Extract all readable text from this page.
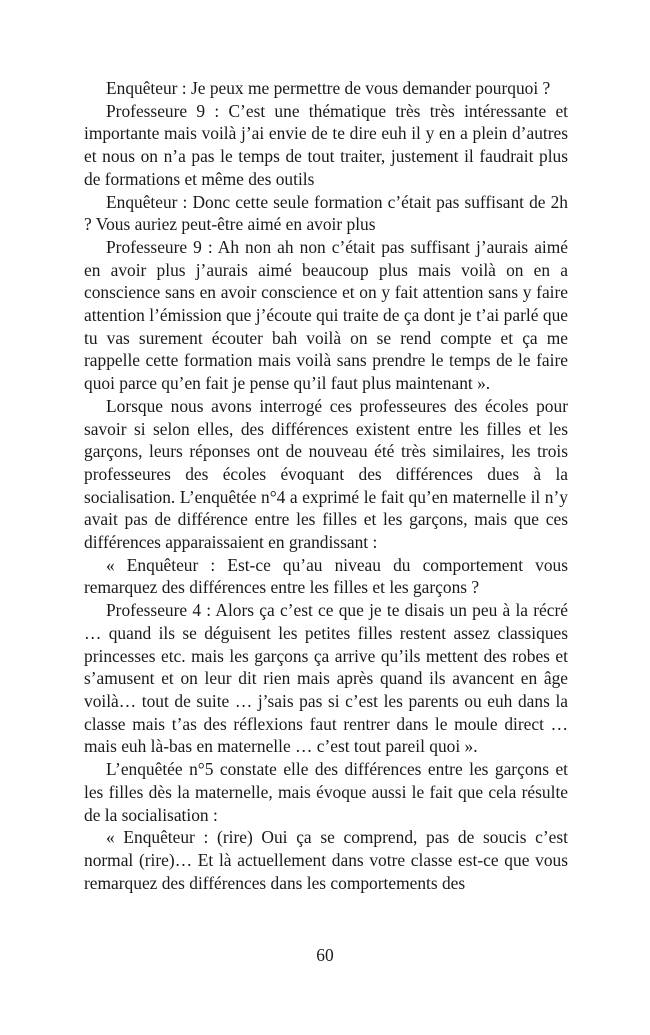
Enquêteur : Je peux me permettre de vous demander pourquoi ?

Professeure 9 : C’est une thématique très très intéressante et importante mais voilà j’ai envie de te dire euh il y en a plein d’autres et nous on n’a pas le temps de tout traiter, justement il faudrait plus de formations et même des outils

Enquêteur : Donc cette seule formation c’était pas suffisant de 2h ? Vous auriez peut-être aimé en avoir plus

Professeure 9 : Ah non ah non c’était pas suffisant j’aurais aimé en avoir plus j’aurais aimé beaucoup plus mais voilà on en a conscience sans en avoir conscience et on y fait attention sans y faire attention l’émission que j’écoute qui traite de ça dont je t’ai parlé que tu vas surement écouter bah voilà on se rend compte et ça me rappelle cette formation mais voilà sans prendre le temps de le faire quoi parce qu’en fait je pense qu’il faut plus maintenant ».

Lorsque nous avons interrogé ces professeures des écoles pour savoir si selon elles, des différences existent entre les filles et les garçons, leurs réponses ont de nouveau été très similaires, les trois professeures des écoles évoquant des différences dues à la socialisation. L’enquêtée n°4 a exprimé le fait qu’en maternelle il n’y avait pas de différence entre les filles et les garçons, mais que ces différences apparaissaient en grandissant :

« Enquêteur : Est-ce qu’au niveau du comportement vous remarquez des différences entre les filles et les garçons ?

Professeure 4 : Alors ça c’est ce que je te disais un peu à la récré … quand ils se déguisent les petites filles restent assez classiques princesses etc. mais les garçons ça arrive qu’ils mettent des robes et s’amusent et on leur dit rien mais après quand ils avancent en âge voilà… tout de suite … j’sais pas si c’est les parents ou euh dans la classe mais t’as des réflexions faut rentrer dans le moule direct … mais euh là-bas en maternelle … c’est tout pareil quoi ».

L’enquêtée n°5 constate elle des différences entre les garçons et les filles dès la maternelle, mais évoque aussi le fait que cela résulte de la socialisation :

« Enquêteur : (rire) Oui ça se comprend, pas de soucis c’est normal (rire)… Et là actuellement dans votre classe est-ce que vous remarquez des différences dans les comportements des

60
